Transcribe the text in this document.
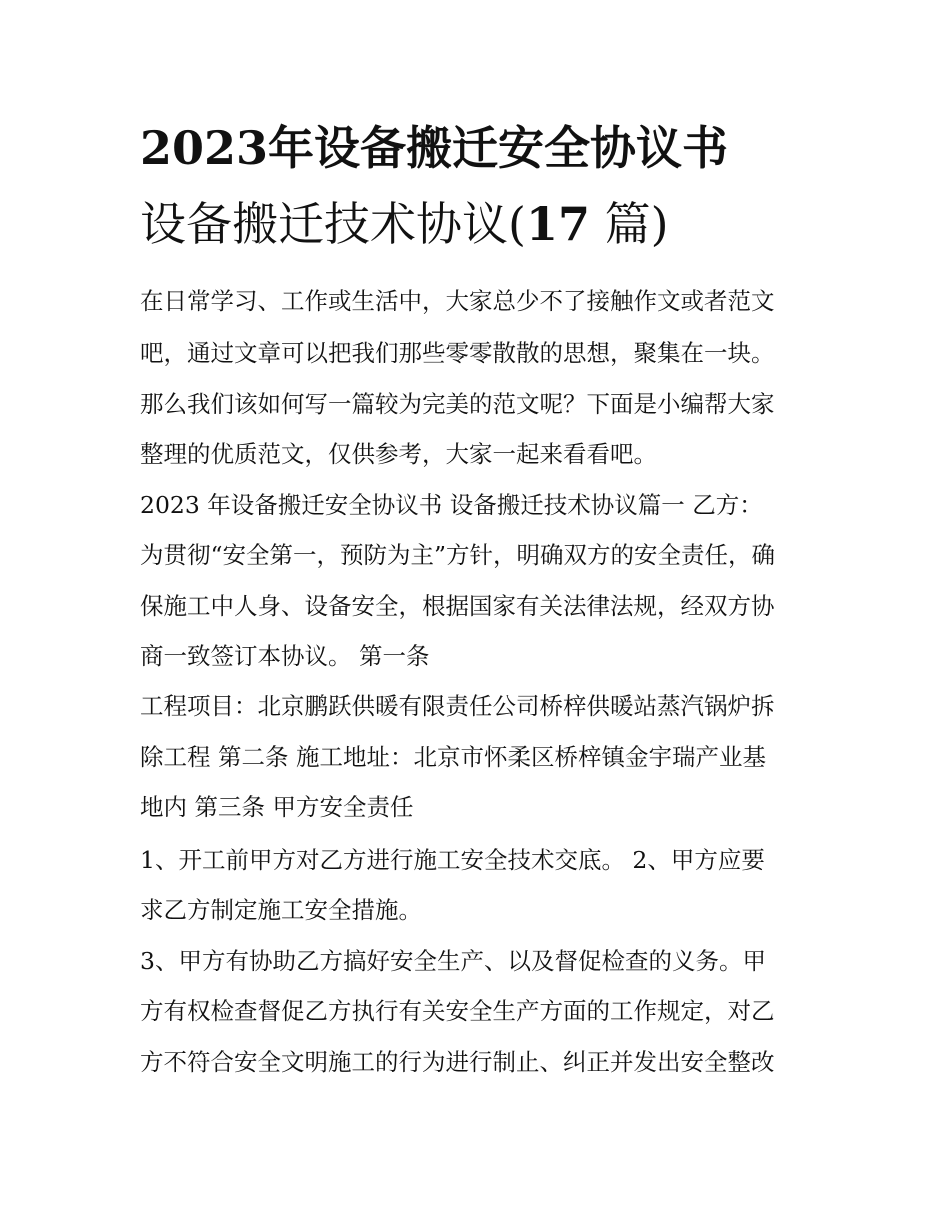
2023年设备搬迁安全协议书
设备搬迁技术协议(17 篇)

在日常学习、工作或生活中，大家总少不了接触作文或者范文

吧，通过文章可以把我们那些零零散散的思想，聚集在一块。

那么我们该如何写一篇较为完美的范文呢？下面是小编帮大家

整理的优质范文，仅供参考，大家一起来看看吧。

2023 年设备搬迁安全协议书 设备搬迁技术协议篇一 乙方：

为贯彻“安全第一，预防为主”方针，明确双方的安全责任，确

保施工中人身、设备安全，根据国家有关法律法规，经双方协

商一致签订本协议。 第一条

工程项目：北京鹏跃供暖有限责任公司桥梓供暖站蒸汽锅炉拆

除工程 第二条 施工地址：北京市怀柔区桥梓镇金宇瑞产业基

地内 第三条 甲方安全责任

1、开工前甲方对乙方进行施工安全技术交底。 2、甲方应要

求乙方制定施工安全措施。

3、甲方有协助乙方搞好安全生产、以及督促检查的义务。甲

方有权检查督促乙方执行有关安全生产方面的工作规定，对乙

方不符合安全文明施工的行为进行制止、纠正并发出安全整改
